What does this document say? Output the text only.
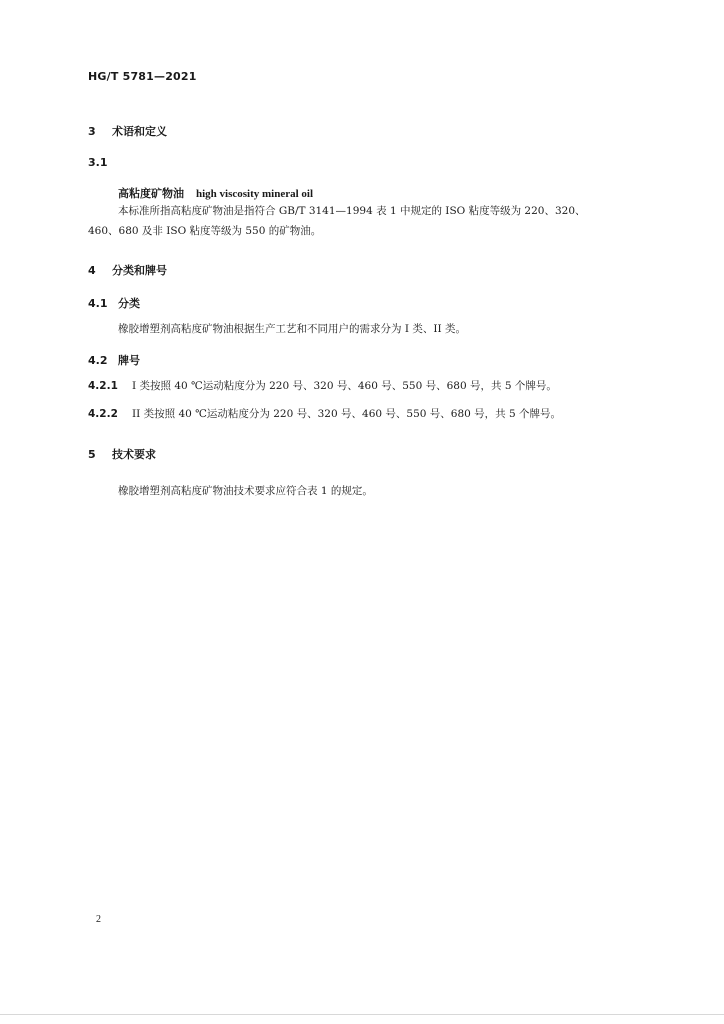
HG/T 5781—2021
3 术语和定义
3.1
高粘度矿物油 high viscosity mineral oil
本标准所指高粘度矿物油是指符合 GB/T 3141—1994 表 1 中规定的 ISO 粘度等级为 220、320、
460、680 及非 ISO 粘度等级为 550 的矿物油。
4 分类和牌号
4.1 分类
橡胶增塑剂高粘度矿物油根据生产工艺和不同用户的需求分为 I 类、II 类。
4.2 牌号
4.2.1 I 类按照 40 ℃运动粘度分为 220 号、320 号、460 号、550 号、680 号，共 5 个牌号。
4.2.2 II 类按照 40 ℃运动粘度分为 220 号、320 号、460 号、550 号、680 号，共 5 个牌号。
5 技术要求
橡胶增塑剂高粘度矿物油技术要求应符合表 1 的规定。
2
